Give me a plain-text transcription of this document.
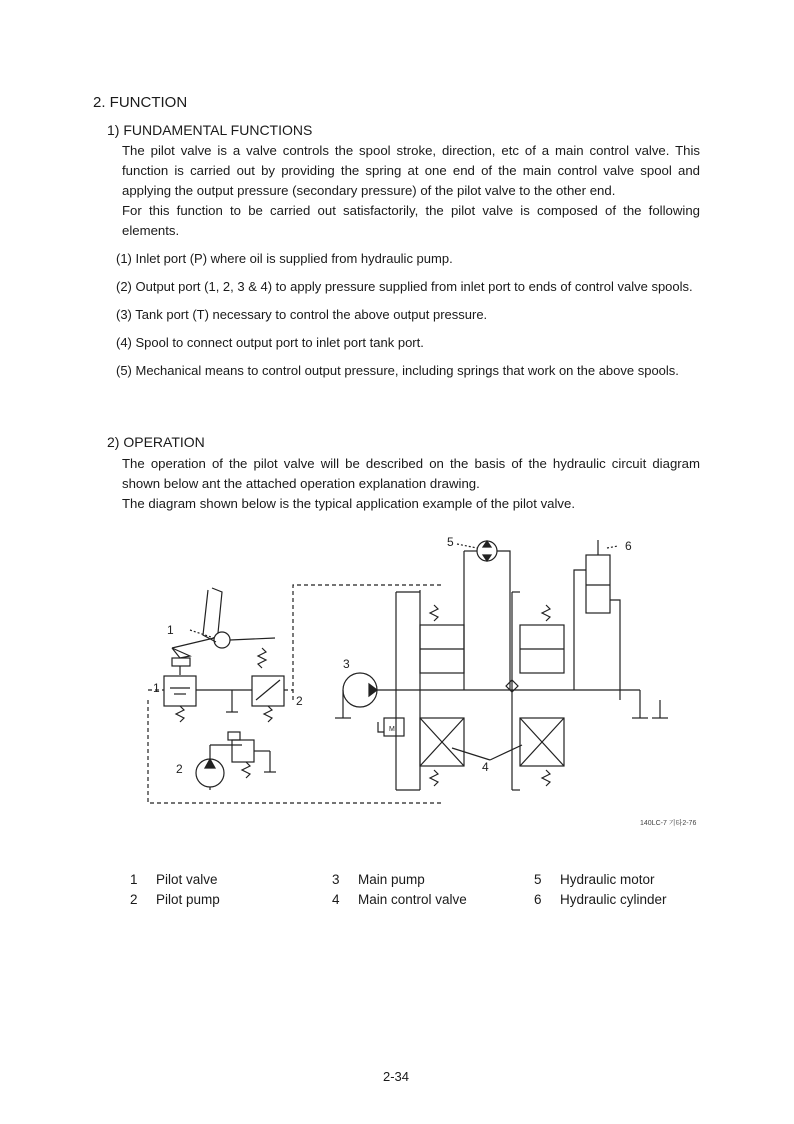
2. FUNCTION
1) FUNDAMENTAL FUNCTIONS
The pilot valve is a valve controls the spool stroke, direction, etc of a main control valve. This function is carried out by providing the spring at one end of the main control valve spool and applying the output pressure (secondary pressure) of the pilot valve to the other end.
For this function to be carried out satisfactorily, the pilot valve is composed of the following elements.
(1) Inlet port (P) where oil is supplied from hydraulic pump.
(2) Output port (1, 2, 3 & 4) to apply pressure supplied from inlet port to ends of control valve spools.
(3) Tank port (T) necessary to control the above output pressure.
(4) Spool to connect output port to inlet port tank port.
(5) Mechanical means to control output pressure, including springs that work on the above spools.
2) OPERATION
The operation of the pilot valve will be described on the basis of the hydraulic circuit diagram shown below ant the attached operation explanation drawing.
The diagram shown below is the typical application example of the pilot valve.
1
1
2
2
3
4
5	6
M
140LC-7 기타2-76
1 Pilot valve	3 Main pump	5 Hydraulic motor
2 Pilot pump	4 Main control valve	6 Hydraulic cylinder
2-34
